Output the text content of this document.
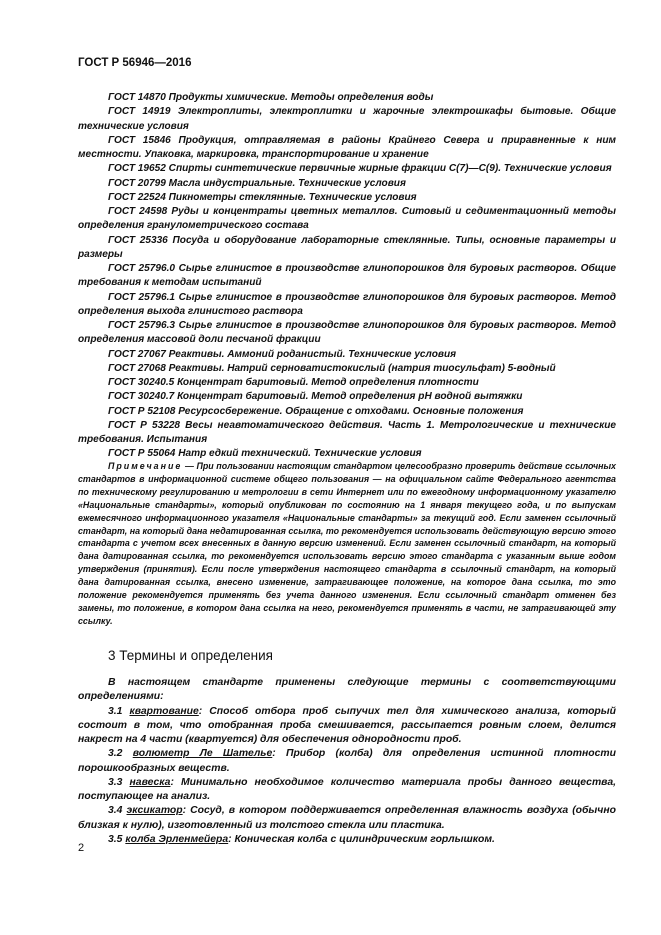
ГОСТ Р 56946—2016

ГОСТ 14870 Продукты химические. Методы определения воды

ГОСТ 14919 Электроплиты, электроплитки и жарочные электрошкафы бытовые. Общие технические условия

ГОСТ 15846 Продукция, отправляемая в районы Крайнего Севера и приравненные к ним местности. Упаковка, маркировка, транспортирование и хранение

ГОСТ 19652 Спирты синтетические первичные жирные фракции С(7)—С(9). Технические условия

ГОСТ 20799 Масла индустриальные. Технические условия

ГОСТ 22524 Пикнометры стеклянные. Технические условия

ГОСТ 24598 Руды и концентраты цветных металлов. Ситовый и седиментационный методы определения гранулометрического состава

ГОСТ 25336 Посуда и оборудование лабораторные стеклянные. Типы, основные параметры и размеры

ГОСТ 25796.0 Сырье глинистое в производстве глинопорошков для буровых растворов. Общие требования к методам испытаний

ГОСТ 25796.1 Сырье глинистое в производстве глинопорошков для буровых растворов. Метод определения выхода глинистого раствора

ГОСТ 25796.3 Сырье глинистое в производстве глинопорошков для буровых растворов. Метод определения массовой доли песчаной фракции

ГОСТ 27067 Реактивы. Аммоний роданистый. Технические условия

ГОСТ 27068 Реактивы. Натрий серноватистокислый (натрия тиосульфат) 5-водный

ГОСТ 30240.5 Концентрат баритовый. Метод определения плотности

ГОСТ 30240.7 Концентрат баритовый. Метод определения pH водной вытяжки

ГОСТ Р 52108 Ресурсосбережение. Обращение с отходами. Основные положения

ГОСТ Р 53228 Весы неавтоматического действия. Часть 1. Метрологические и технические требования. Испытания

ГОСТ Р 55064 Натр едкий технический. Технические условия

Примечание — При пользовании настоящим стандартом целесообразно проверить действие ссылочных стандартов в информационной системе общего пользования — на официальном сайте Федерального агентства по техническому регулированию и метрологии в сети Интернет или по ежегодному информационному указателю «Национальные стандарты», который опубликован по состоянию на 1 января текущего года, и по выпускам ежемесячного информационного указателя «Национальные стандарты» за текущий год. Если заменен ссылочный стандарт, на который дана недатированная ссылка, то рекомендуется использовать действующую версию этого стандарта с учетом всех внесенных в данную версию изменений. Если заменен ссылочный стандарт, на который дана датированная ссылка, то рекомендуется использовать версию этого стандарта с указанным выше годом утверждения (принятия). Если после утверждения настоящего стандарта в ссылочный стандарт, на который дана датированная ссылка, внесено изменение, затрагивающее положение, на которое дана ссылка, то это положение рекомендуется применять без учета данного изменения. Если ссылочный стандарт отменен без замены, то положение, в котором дана ссылка на него, рекомендуется применять в части, не затрагивающей эту ссылку.

3 Термины и определения

В настоящем стандарте применены следующие термины с соответствующими определениями:

3.1 квартование: Способ отбора проб сыпучих тел для химического анализа, который состоит в том, что отобранная проба смешивается, рассыпается ровным слоем, делится накрест на 4 части (квартуется) для обеспечения однородности проб.

3.2 волюметр Ле Шателье: Прибор (колба) для определения истинной плотности порошкообразных веществ.

3.3 навеска: Минимально необходимое количество материала пробы данного вещества, поступающее на анализ.

3.4 эксикатор: Сосуд, в котором поддерживается определенная влажность воздуха (обычно близкая к нулю), изготовленный из толстого стекла или пластика.

3.5 колба Эрленмейера: Коническая колба с цилиндрическим горлышком.

2
